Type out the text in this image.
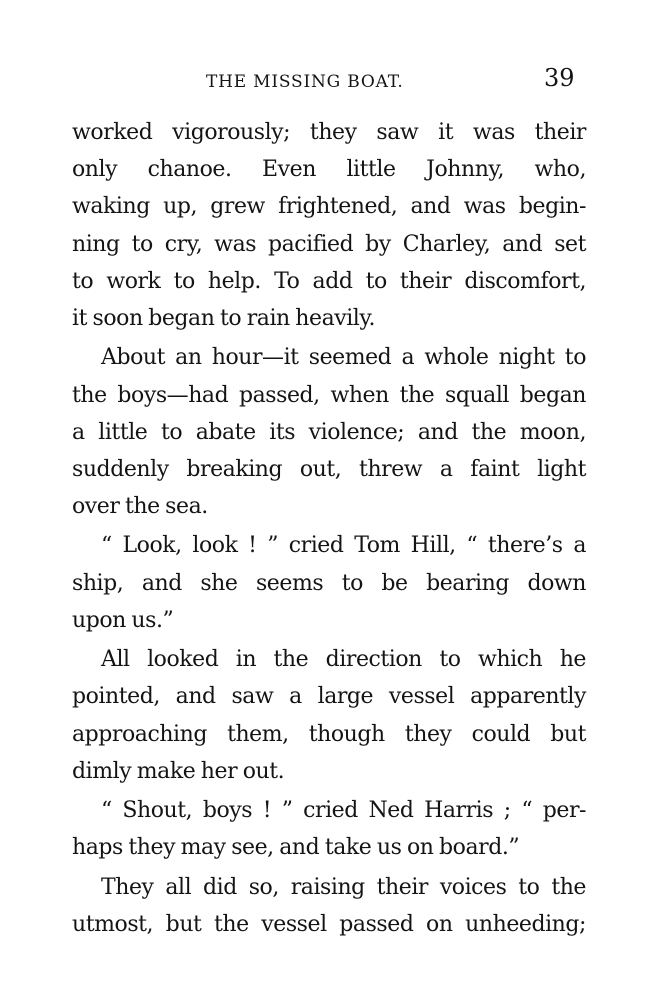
THE MISSING BOAT.	39
worked vigorously; they saw it was their
only chanoe. Even little Johnny, who,
waking up, grew frightened, and was begin-
ning to cry, was pacified by Charley, and set
to work to help. To add to their discomfort,
it soon began to rain heavily.
About an hour—it seemed a whole night to
the boys—had passed, when the squall began
a little to abate its violence; and the moon,
suddenly breaking out, threw a faint light
over the sea.
“ Look, look ! ” cried Tom Hill, “ there’s a
ship, and she seems to be bearing down
upon us.”
All looked in the direction to which he
pointed, and saw a large vessel apparently
approaching them, though they could but
dimly make her out.
“ Shout, boys ! ” cried Ned Harris ; “ per-
haps they may see, and take us on board.”
They all did so, raising their voices to the
utmost, but the vessel passed on unheeding;
